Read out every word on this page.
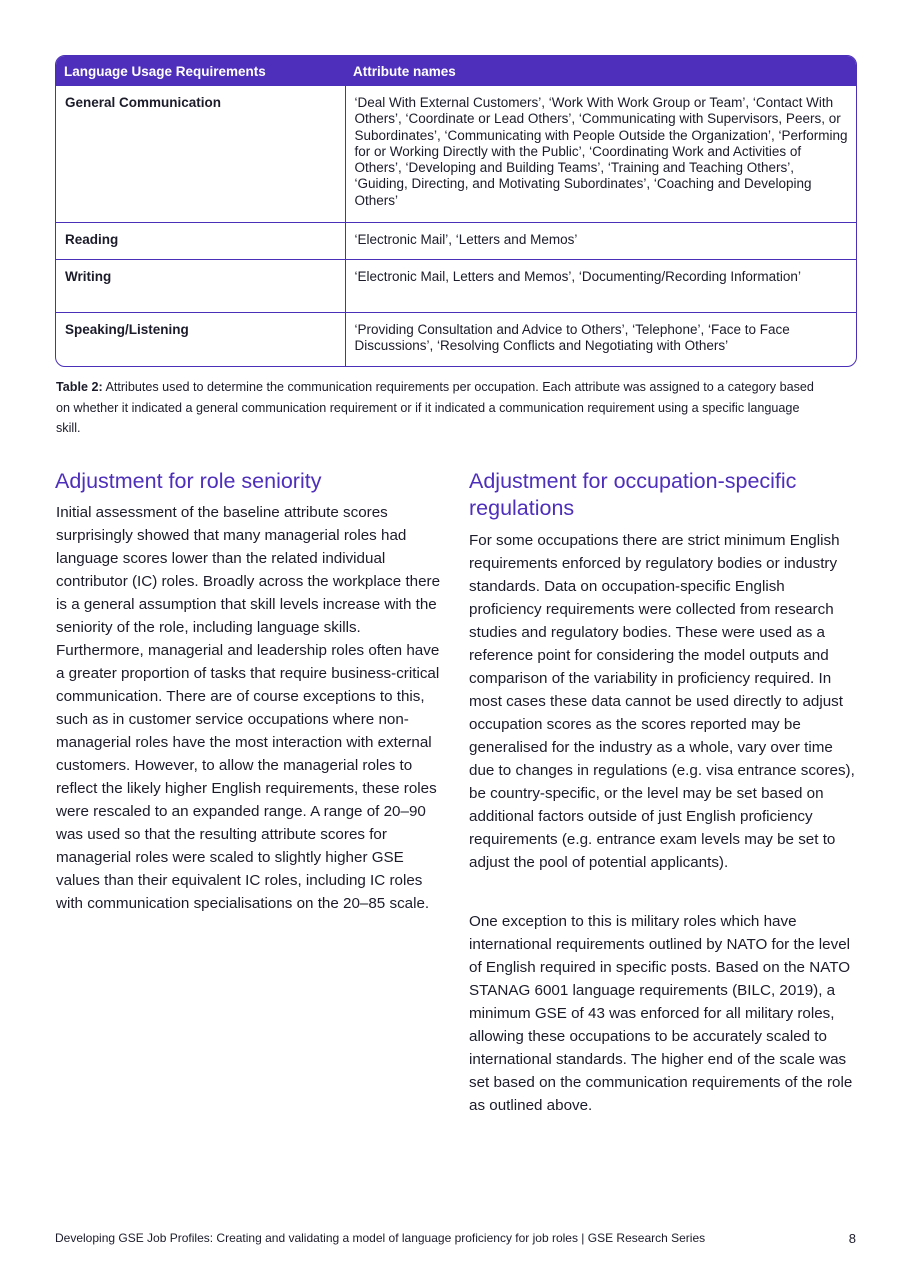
Language Usage Requirements	Attribute names
General Communication	‘Deal With External Customers’, ‘Work With Work Group or Team’, ‘Contact With Others’, ‘Coordinate or Lead Others’, ‘Communicating with Supervisors, Peers, or Subordinates’, ‘Communicating with People Outside the Organization’, ‘Performing for or Working Directly with the Public’, ‘Coordinating Work and Activities of Others’, ‘Developing and Building Teams’, ‘Training and Teaching Others’, ‘Guiding, Directing, and Motivating Subordinates’, ‘Coaching and Developing Others’
Reading	‘Electronic Mail’, ‘Letters and Memos’
Writing	‘Electronic Mail, Letters and Memos’, ‘Documenting/Recording Information’
Speaking/Listening	‘Providing Consultation and Advice to Others’, ‘Telephone’, ‘Face to Face Discussions’, ‘Resolving Conflicts and Negotiating with Others’
Table 2: Attributes used to determine the communication requirements per occupation. Each attribute was assigned to a category based on whether it indicated a general communication requirement or if it indicated a communication requirement using a specific language skill.
Adjustment for role seniority

Initial assessment of the baseline attribute scores surprisingly showed that many managerial roles had language scores lower than the related individual contributor (IC) roles. Broadly across the workplace there is a general assumption that skill levels increase with the seniority of the role, including language skills. Furthermore, managerial and leadership roles often have a greater proportion of tasks that require business-critical communication. There are of course exceptions to this, such as in customer service occupations where non-managerial roles have the most interaction with external customers. However, to allow the managerial roles to reflect the likely higher English requirements, these roles were rescaled to an expanded range. A range of 20–90 was used so that the resulting attribute scores for managerial roles were scaled to slightly higher GSE values than their equivalent IC roles, including IC roles with communication specialisations on the 20–85 scale.

Adjustment for occupation-specific regulations

For some occupations there are strict minimum English requirements enforced by regulatory bodies or industry standards. Data on occupation-specific English proficiency requirements were collected from research studies and regulatory bodies. These were used as a reference point for considering the model outputs and comparison of the variability in proficiency required. In most cases these data cannot be used directly to adjust occupation scores as the scores reported may be generalised for the industry as a whole, vary over time due to changes in regulations (e.g. visa entrance scores), be country-specific, or the level may be set based on additional factors outside of just English proficiency requirements (e.g. entrance exam levels may be set to adjust the pool of potential applicants).

One exception to this is military roles which have international requirements outlined by NATO for the level of English required in specific posts. Based on the NATO STANAG 6001 language requirements (BILC, 2019), a minimum GSE of 43 was enforced for all military roles, allowing these occupations to be accurately scaled to international standards. The higher end of the scale was set based on the communication requirements of the role as outlined above.

Developing GSE Job Profiles: Creating and validating a model of language proficiency for job roles | GSE Research Series	8
